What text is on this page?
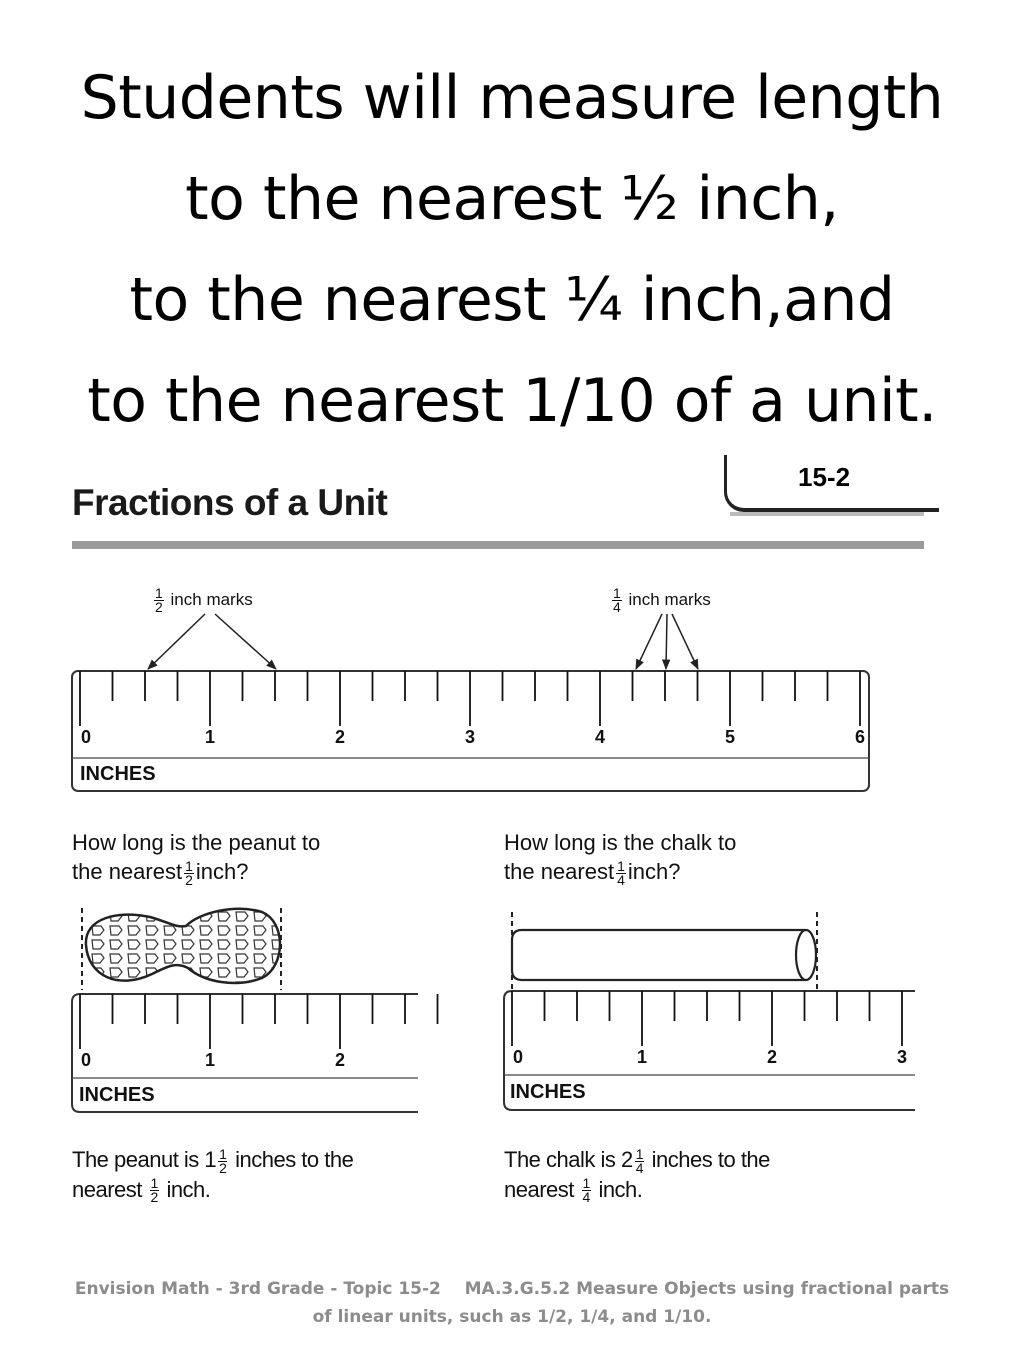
Students will measure length
to the nearest ½ inch,
to the nearest ¼ inch,and
to the nearest 1/10 of a unit.
Fractions of a Unit
15-2
$\frac{1}{2}$ inch marks	$\frac{1}{4}$ inch marks
How long is the peanut to
the nearest $\frac{1}{2}$ inch?
How long is the chalk to
the nearest $\frac{1}{4}$ inch?
The peanut is $1 \frac{1}{2}$ inches to the
nearest $\frac{1}{2}$ inch.
The chalk is $2 \frac{1}{4}$ inches to the
nearest $\frac{1}{4}$ inch.
0	1	2	3	4	5	6
INCHES
0	1	2
INCHES
0	1	2	3
INCHES
Envision Math - 3rd Grade - Topic 15-2    MA.3.G.5.2 Measure Objects using fractional parts
of linear units, such as 1/2, 1/4, and 1/10.
